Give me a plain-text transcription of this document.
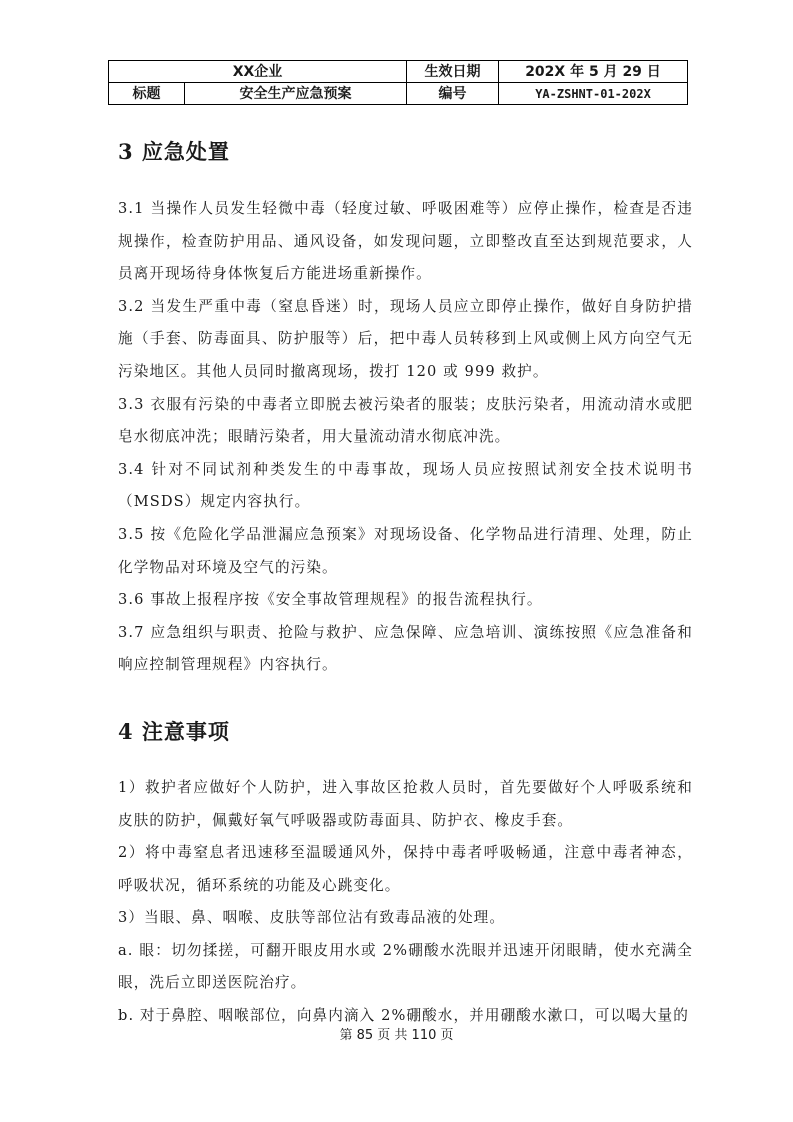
XX企业		生效日期	202X 年 5 月 29 日
标题	安全生产应急预案	编号	YA-ZSHNT-01-202X
3 应急处置

3.1 当操作人员发生轻微中毒（轻度过敏、呼吸困难等）应停止操作，检查是否违规操作，检查防护用品、通风设备，如发现问题，立即整改直至达到规范要求，人员离开现场待身体恢复后方能进场重新操作。

3.2 当发生严重中毒（窒息昏迷）时，现场人员应立即停止操作，做好自身防护措施（手套、防毒面具、防护服等）后，把中毒人员转移到上风或侧上风方向空气无污染地区。其他人员同时撤离现场，拨打 120 或 999 救护。

3.3 衣服有污染的中毒者立即脱去被污染者的服装；皮肤污染者，用流动清水或肥皂水彻底冲洗；眼睛污染者，用大量流动清水彻底冲洗。

3.4 针对不同试剂种类发生的中毒事故，现场人员应按照试剂安全技术说明书（MSDS）规定内容执行。

3.5 按《危险化学品泄漏应急预案》对现场设备、化学物品进行清理、处理，防止化学物品对环境及空气的污染。

3.6 事故上报程序按《安全事故管理规程》的报告流程执行。

3.7 应急组织与职责、抢险与救护、应急保障、应急培训、演练按照《应急准备和响应控制管理规程》内容执行。

4 注意事项

1）救护者应做好个人防护，进入事故区抢救人员时，首先要做好个人呼吸系统和皮肤的防护，佩戴好氧气呼吸器或防毒面具、防护衣、橡皮手套。

2）将中毒窒息者迅速移至温暖通风外，保持中毒者呼吸畅通，注意中毒者神态，呼吸状况，循环系统的功能及心跳变化。

3）当眼、鼻、咽喉、皮肤等部位沾有致毒品液的处理。

a. 眼：切勿揉搓，可翻开眼皮用水或 2%硼酸水洗眼并迅速开闭眼睛，使水充满全眼，洗后立即送医院治疗。

b. 对于鼻腔、咽喉部位，向鼻内滴入 2%硼酸水，并用硼酸水漱口，可以喝大量的

第 85 页 共 110 页
